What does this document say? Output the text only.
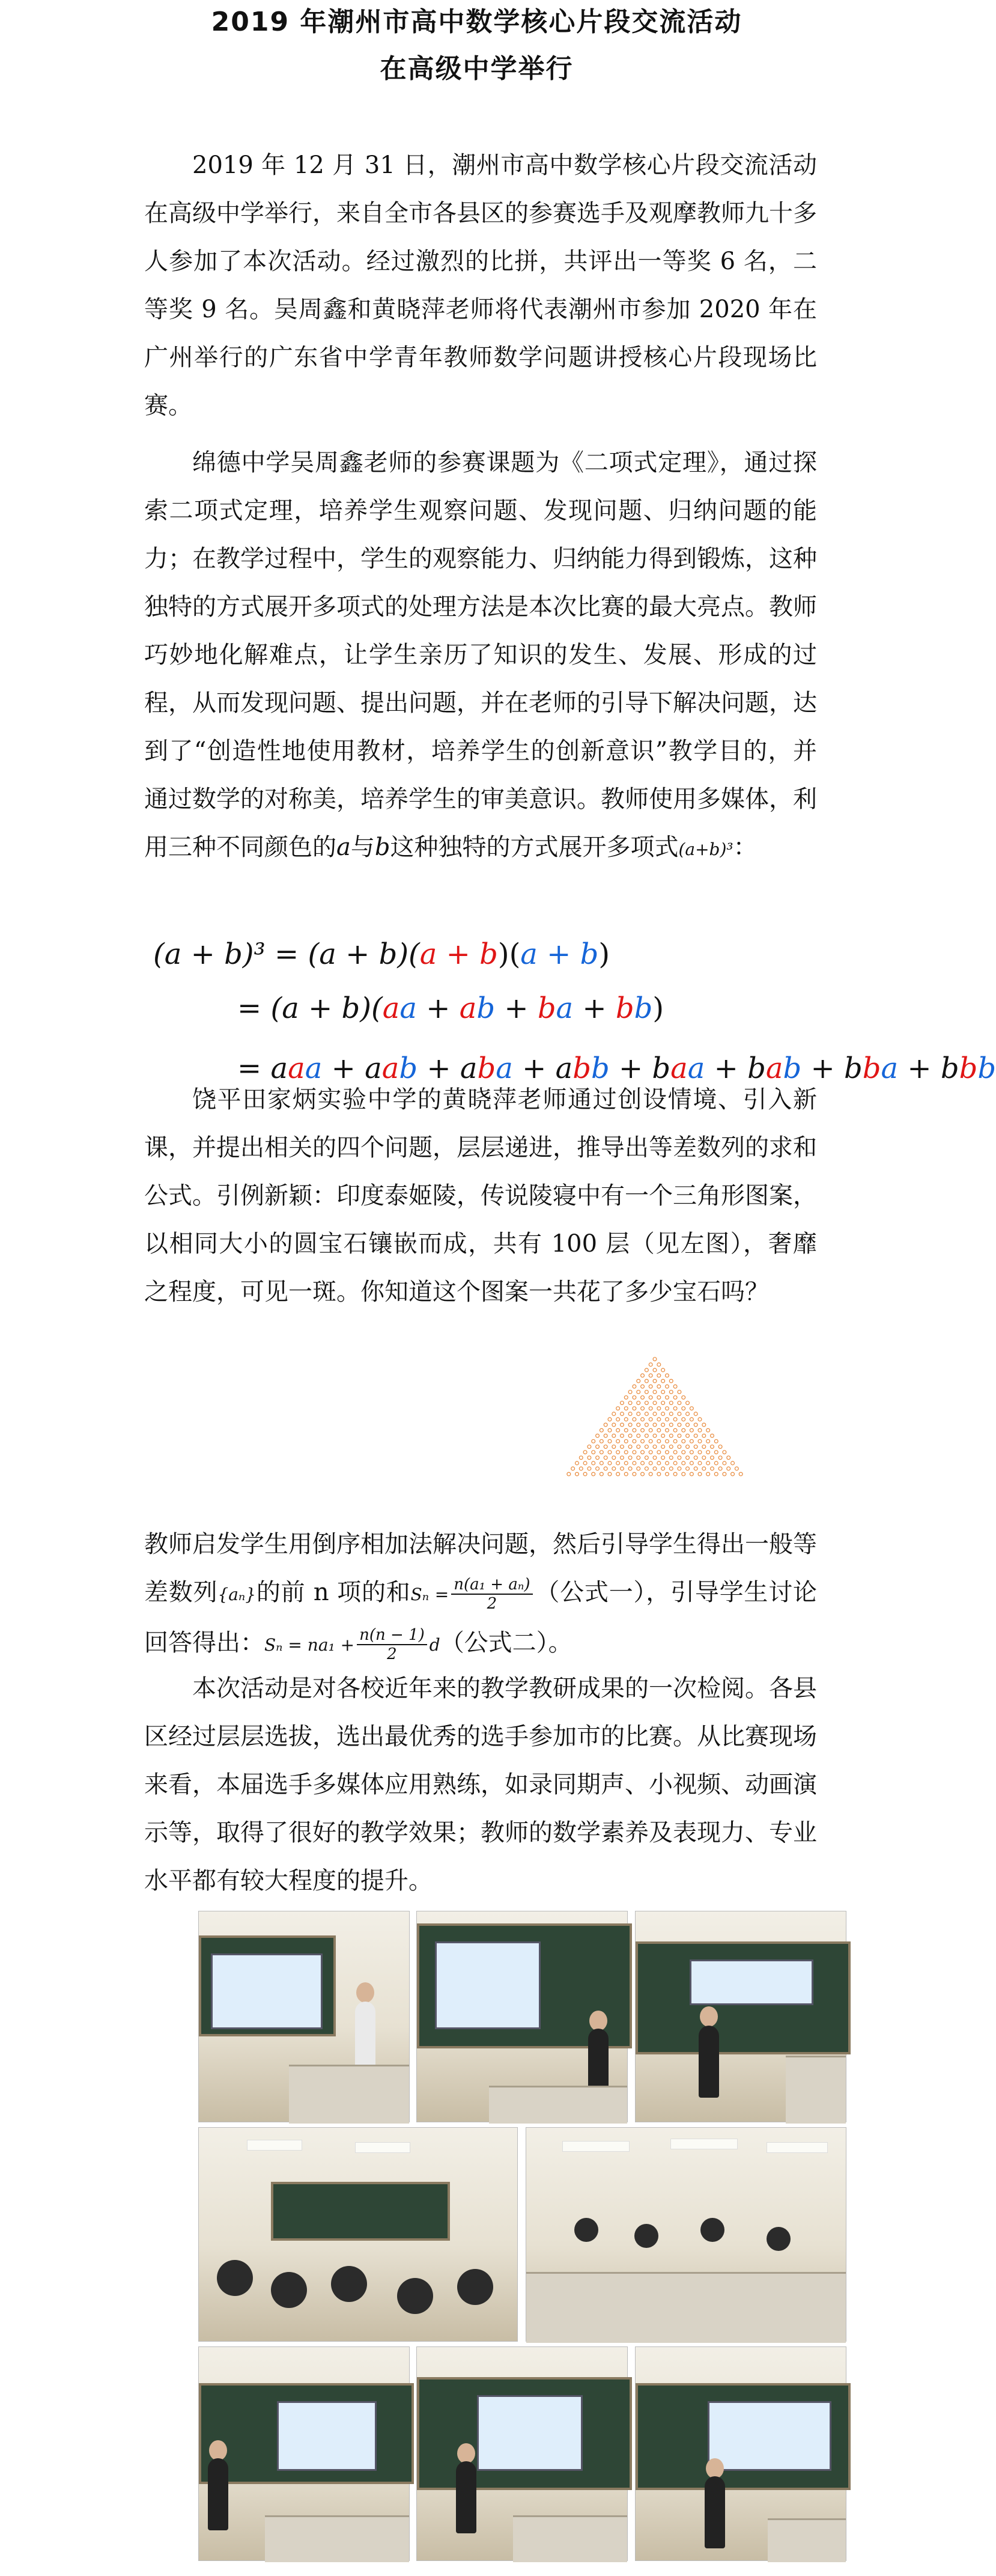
2019 年潮州市高中数学核心片段交流活动
在高级中学举行

2019 年 12 月 31 日，潮州市高中数学核心片段交流活动在高级中学举行，来自全市各县区的参赛选手及观摩教师九十多人参加了本次活动。经过激烈的比拼，共评出一等奖 6 名，二等奖 9 名。吴周鑫和黄晓萍老师将代表潮州市参加 2020 年在广州举行的广东省中学青年教师数学问题讲授核心片段现场比赛。

绵德中学吴周鑫老师的参赛课题为《二项式定理》，通过探索二项式定理，培养学生观察问题、发现问题、归纳问题的能力；在教学过程中，学生的观察能力、归纳能力得到锻炼，这种独特的方式展开多项式的处理方法是本次比赛的最大亮点。教师巧妙地化解难点，让学生亲历了知识的发生、发展、形成的过程，从而发现问题、提出问题，并在老师的引导下解决问题，达到了“创造性地使用教材，培养学生的创新意识”教学目的，并通过数学的对称美，培养学生的审美意识。教师使用多媒体，利用三种不同颜色的a与b这种独特的方式展开多项式(a+b)³：

(a + b)³ = (a + b)(a + b)(a + b)
= (a + b)(aa + ab + ba + bb)
= aaa + aab + aba + abb + baa + bab + bba + bbb

饶平田家炳实验中学的黄晓萍老师通过创设情境、引入新课，并提出相关的四个问题，层层递进，推导出等差数列的求和公式。引例新颖：印度泰姬陵，传说陵寝中有一个三角形图案，以相同大小的圆宝石镶嵌而成，共有 100 层（见左图），奢靡之程度，可见一斑。你知道这个图案一共花了多少宝石吗？

教师启发学生用倒序相加法解决问题，然后引导学生得出一般等差数列{aₙ}的前 n 项的和$S_n = \frac{\text{n(a₁ + aₙ)}}{2}$ （公式一），引导学生讨论回答得出：$S_n = na_1 + \frac{n(n - 1)}{2} d$（公式二）。

本次活动是对各校近年来的教学教研成果的一次检阅。各县区经过层层选拔，选出最优秀的选手参加市的比赛。从比赛现场来看，本届选手多媒体应用熟练，如录同期声、小视频、动画演示等，取得了很好的教学效果；教师的数学素养及表现力、专业水平都有较大程度的提升。
